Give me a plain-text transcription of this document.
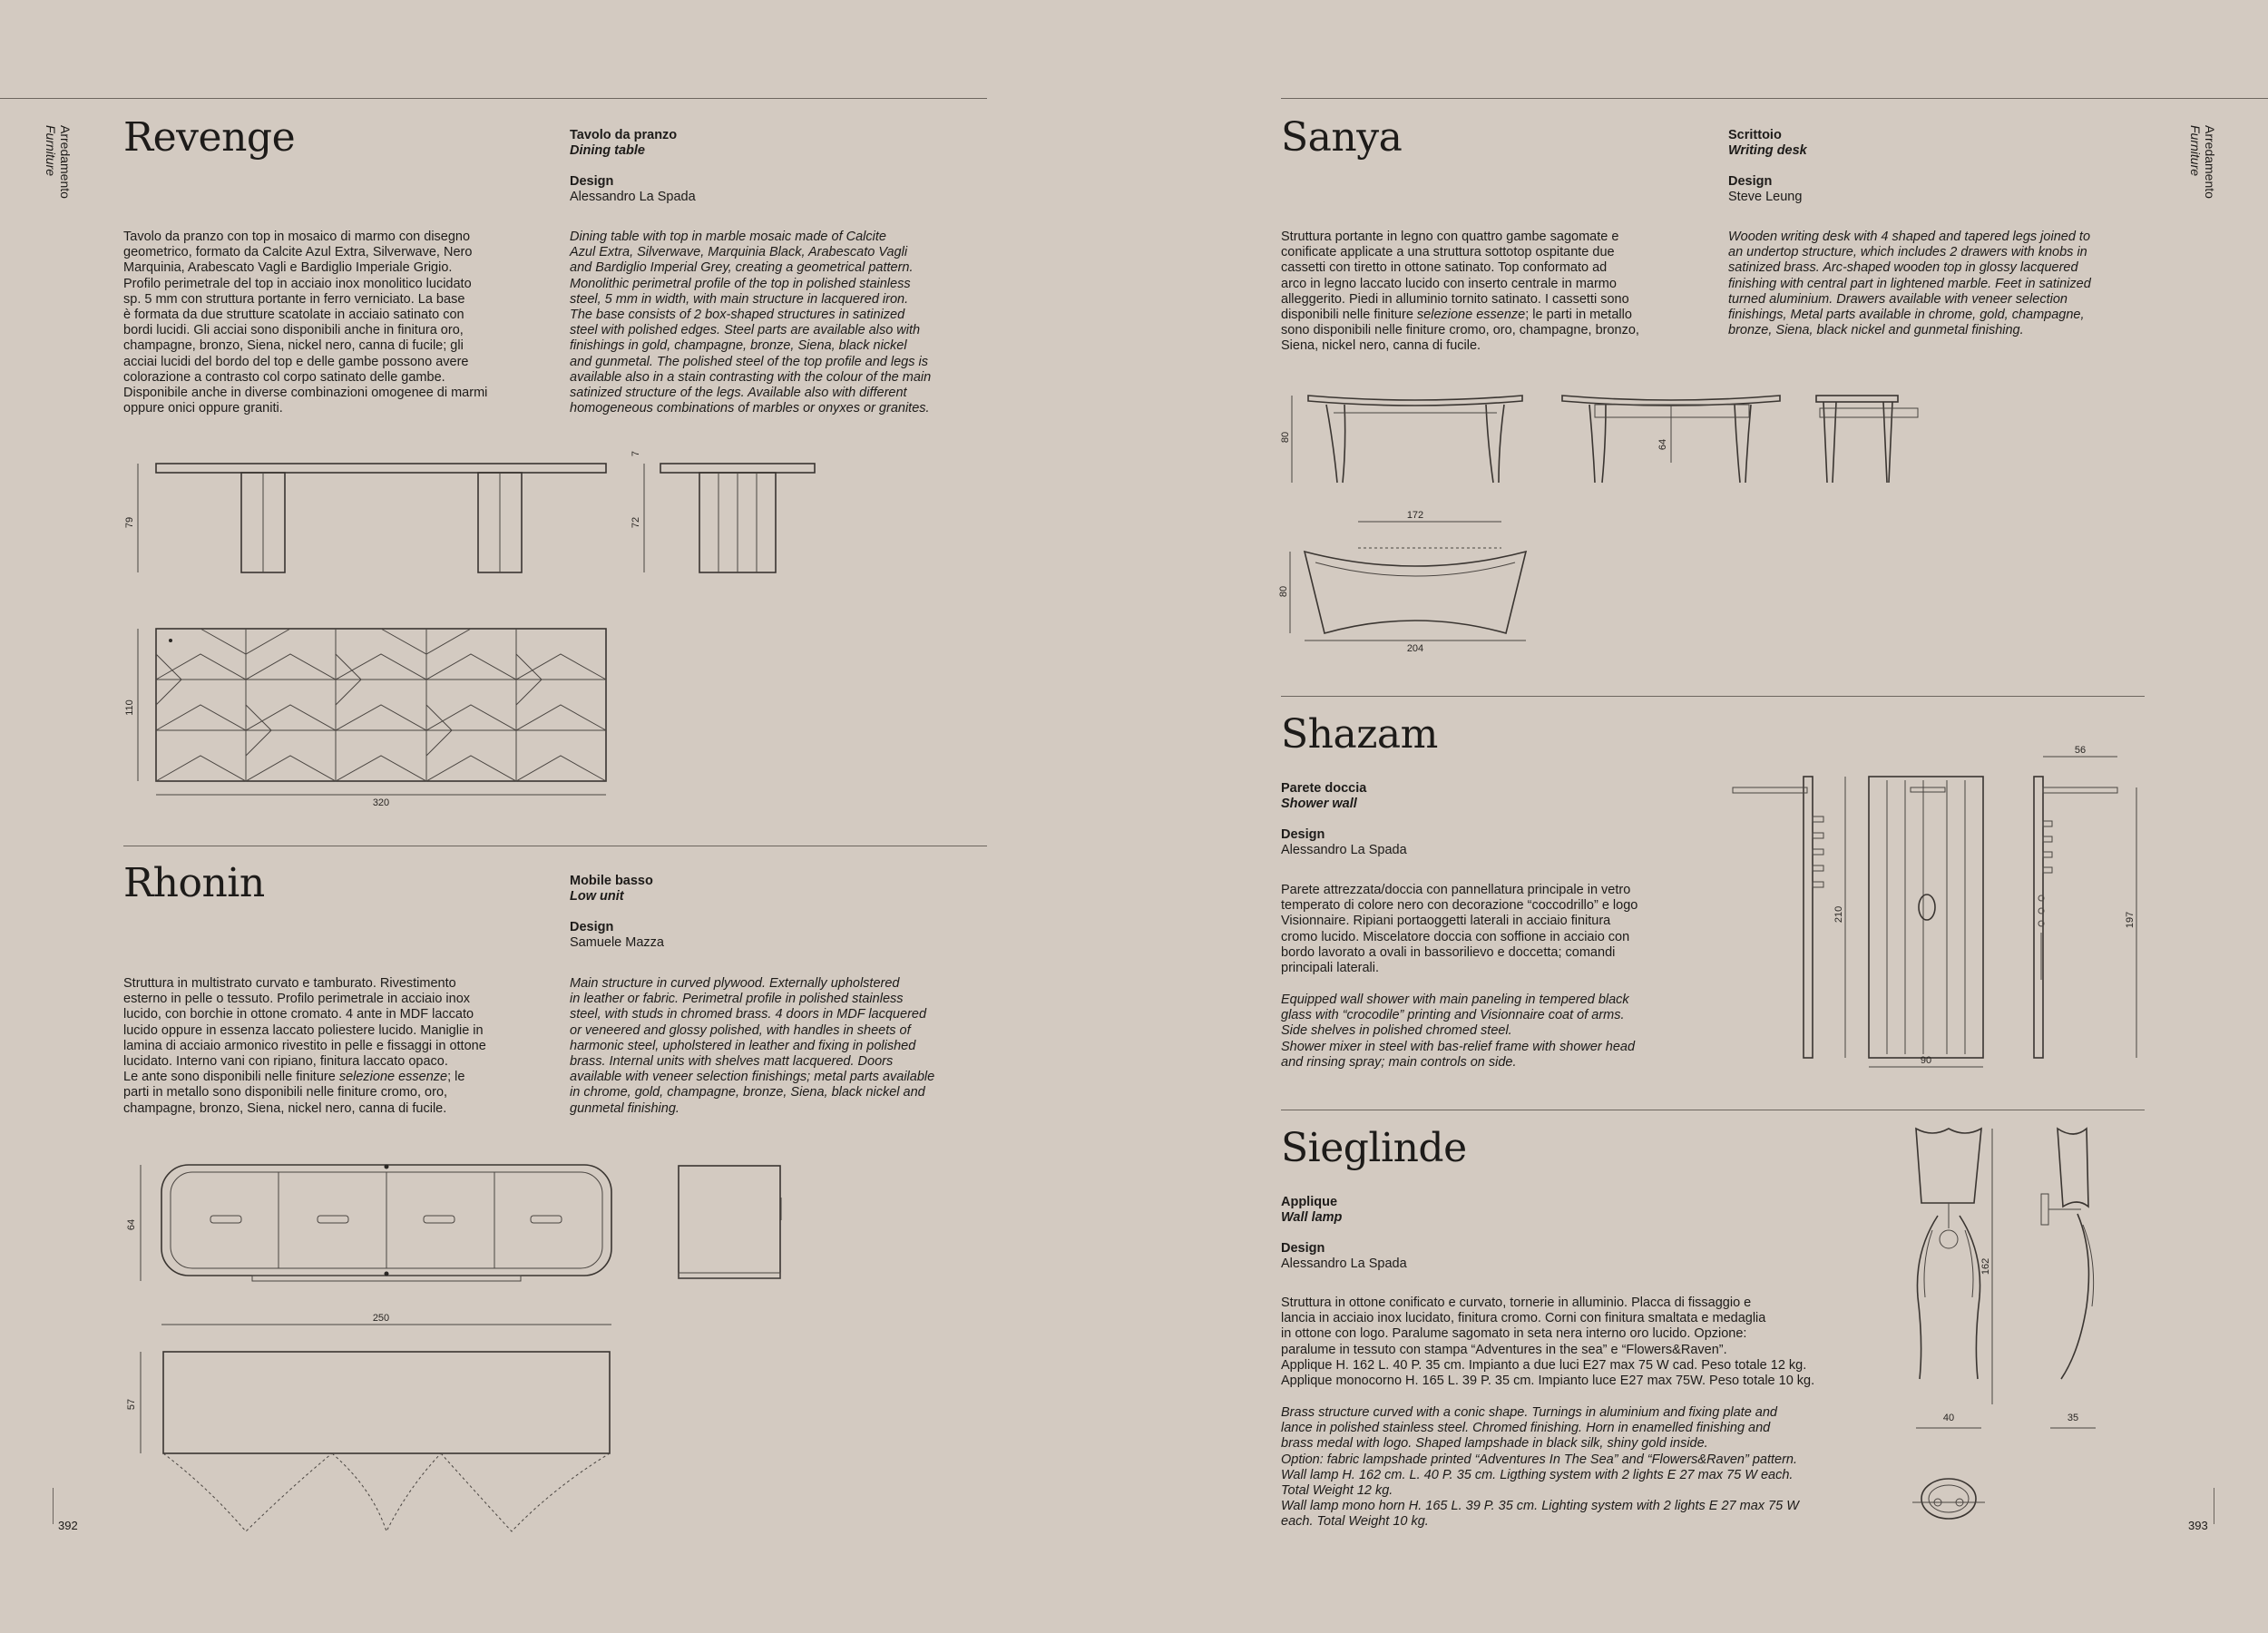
Arredamento
Furniture
392
Revenge	Tavolo da pranzo
Dining table

Design
Alessandro La Spada
Tavolo da pranzo con top in mosaico di marmo con disegno
geometrico, formato da Calcite Azul Extra, Silverwave, Nero
Marquinia, Arabescato Vagli e Bardiglio Imperiale Grigio.
Profilo perimetrale del top in acciaio inox monolitico lucidato
sp. 5 mm con struttura portante in ferro verniciato. La base
è formata da due strutture scatolate in acciaio satinato con
bordi lucidi. Gli acciai sono disponibili anche in finitura oro,
champagne, bronzo, Siena, nickel nero, canna di fucile; gli
acciai lucidi del bordo del top e delle gambe possono avere
colorazione a contrasto col corpo satinato delle gambe.
Disponibile anche in diverse combinazioni omogenee di marmi
oppure onici oppure graniti.
Dining table with top in marble mosaic made of Calcite
Azul Extra, Silverwave, Marquinia Black, Arabescato Vagli
and Bardiglio Imperial Grey, creating a geometrical pattern.
Monolithic perimetral profile of the top in polished stainless
steel, 5 mm in width, with main structure in lacquered iron.
The base consists of 2 box-shaped structures in satinized
steel with polished edges. Steel parts are available also with
finishings in gold, champagne, bronze, Siena, black nickel
and gunmetal. The polished steel of the top profile and legs is
available also in a stain contrasting with the colour of the main
satinized structure of the legs. Available also with different
homogeneous combinations of marbles or onyxes or granites.
79
7
72
110
320
Rhonin	Mobile basso
Low unit

Design
Samuele Mazza
Struttura in multistrato curvato e tamburato. Rivestimento
esterno in pelle o tessuto. Profilo perimetrale in acciaio inox
lucido, con borchie in ottone cromato. 4 ante in MDF laccato
lucido oppure in essenza laccato poliestere lucido. Maniglie in
lamina di acciaio armonico rivestito in pelle e fissaggi in ottone
lucidato. Interno vani con ripiano, finitura laccato opaco.
Le ante sono disponibili nelle finiture selezione essenze; le
parti in metallo sono disponibili nelle finiture cromo, oro,
champagne, bronzo, Siena, nickel nero, canna di fucile.
Main structure in curved plywood. Externally upholstered
in leather or fabric. Perimetral profile in polished stainless
steel, with studs in chromed brass. 4 doors in MDF lacquered
or veneered and glossy polished, with handles in sheets of
harmonic steel, upholstered in leather and fixing in polished
brass. Internal units with shelves matt lacquered. Doors
available with veneer selection finishings; metal parts available
in chrome, gold, champagne, bronze, Siena, black nickel and
gunmetal finishing.
64
250
57
Arredamento
Furniture
393
Sanya	Scrittoio
Writing desk

Design
Steve Leung
Struttura portante in legno con quattro gambe sagomate e
conificate applicate a una struttura sottotop ospitante due
cassetti con tiretto in ottone satinato. Top conformato ad
arco in legno laccato lucido con inserto centrale in marmo
alleggerito. Piedi in alluminio tornito satinato. I cassetti sono
disponibili nelle finiture selezione essenze; le parti in metallo
sono disponibili nelle finiture cromo, oro, champagne, bronzo,
Siena, nickel nero, canna di fucile.
Wooden writing desk with 4 shaped and tapered legs joined to
an undertop structure, which includes 2 drawers with knobs in
satinized brass. Arc-shaped wooden top in glossy lacquered
finishing with central part in lightened marble. Feet in satinized
turned aluminium. Drawers available with veneer selection
finishings, Metal parts available in chrome, gold, champagne,
bronze, Siena, black nickel and gunmetal finishing.
80
64
172
80
204
Shazam
Parete doccia
Shower wall

Design
Alessandro La Spada
Parete attrezzata/doccia con pannellatura principale in vetro
temperato di colore nero con decorazione “coccodrillo” e logo
Visionnaire. Ripiani portaoggetti laterali in acciaio finitura
cromo lucido. Miscelatore doccia con soffione in acciaio con
bordo lavorato a ovali in bassorilievo e doccetta; comandi
principali laterali.
Equipped wall shower with main paneling in tempered black
glass with “crocodile” printing and Visionnaire coat of arms.
Side shelves in polished chromed steel.
Shower mixer in steel with bas-relief frame with shower head
and rinsing spray; main controls on side.
210
90
56
197
Sieglinde
Applique
Wall lamp

Design
Alessandro La Spada
Struttura in ottone conificato e curvato, tornerie in alluminio. Placca di fissaggio e
lancia in acciaio inox lucidato, finitura cromo. Corni con finitura smaltata e medaglia
in ottone con logo. Paralume sagomato in seta nera interno oro lucido. Opzione:
paralume in tessuto con stampa “Adventures in the sea” e “Flowers&Raven”.
Applique H. 162 L. 40 P. 35 cm. Impianto a due luci E27 max 75 W cad. Peso totale 12 kg.
Applique monocorno H. 165 L. 39 P. 35 cm. Impianto luce E27 max 75W. Peso totale 10 kg.
Brass structure curved with a conic shape. Turnings in aluminium and fixing plate and
lance in polished stainless steel. Chromed finishing. Horn in enamelled finishing and
brass medal with logo. Shaped lampshade in black silk, shiny gold inside.
Option: fabric lampshade printed “Adventures In The Sea” and “Flowers&Raven” pattern.
Wall lamp H. 162 cm. L. 40 P. 35 cm. Ligthing system with 2 lights E 27 max 75 W each.
Total Weight 12 kg.
Wall lamp mono horn H. 165 L. 39 P. 35 cm. Lighting system with 2 lights E 27 max 75 W
each. Total Weight 10 kg.
162
40	35
